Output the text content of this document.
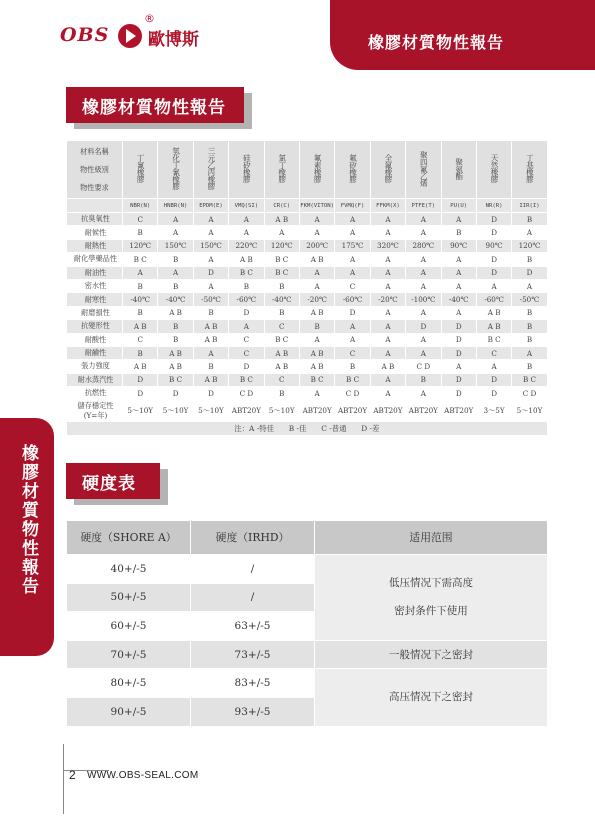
OBS 歐博斯
®
橡膠材質物性報告
橡膠材質物性報告
材料名稱
物性級別
物性要求	丁氰橡膠	氫化丁氰橡膠	三元乙丙橡膠	硅矽橡膠	氯丁橡膠	氟素橡膠	氟矽橡膠	全氟橡膠	聚四氟乙烯	聚氨酯	天然橡膠	丁基橡膠
	NBR(N)	HNBR(N)	EPDM(E)	VMQ(SI)	CR(C)	FKM(VITON)	FVMQ(F)	FFKM(X)	PTFE(T)	PU(U)	NR(R)	IIR(I)
抗臭氧性	C	A	A	A	A B	A	A	A	A	A	D	B
耐候性	B	A	A	A	A	A	A	A	A	B	D	A
耐熱性	120℃	150℃	150℃	220℃	120℃	200℃	175℃	320℃	280℃	90℃	90℃	120℃
耐化學藥品性	B C	B	A	A B	B C	A B	A	A	A	A	D	B
耐油性	A	A	D	B C	B C	A	A	A	A	A	D	D
密水性	B	B	A	B	B	A	C	A	A	A	A	A
耐寒性	-40℃	-40℃	-50℃	-60℃	-40℃	-20℃	-60℃	-20℃	-100℃	-40℃	-60℃	-50℃
耐磨損性	B	A B	B	D	B	A B	D	A	A	A	A B	B
抗變形性	A B	B	A B	A	C	B	A	A	D	D	A B	B
耐酸性	C	B	A B	C	B C	A	A	A	A	D	B C	B
耐鹼性	B	A B	A	C	A B	A B	C	A	A	D	C	A
張力強度	A B	A B	B	D	A B	A B	B	A B	C D	A	A	B
耐水蒸汽性	D	B C	A B	B C	C	B C	B C	A	B	D	D	B C
抗燃性	D	D	D	C D	B	A	C D	A	A	D	D	C D

儲存穩定性
(Y=年)	5～10Y	5～10Y	5～10Y	ABT20Y	5～10Y	ABT20Y	ABT20Y	ABT20Y	ABT20Y	ABT20Y	3～5Y	5～10Y
注：A -特佳　　B -佳　　C -普通　　D -差												
硬度表
硬度（SHORE A）	硬度（IRHD）	适用范围
40+/-5	/	低压情况下需高度
密封条件下使用

50+/-5	/	
60+/-5	63+/-5	
70+/-5	73+/-5	一般情况下之密封
80+/-5	83+/-5	高压情况下之密封
90+/-5	93+/-5	
橡膠材質物性報告
2 WWW.OBS-SEAL.COM
